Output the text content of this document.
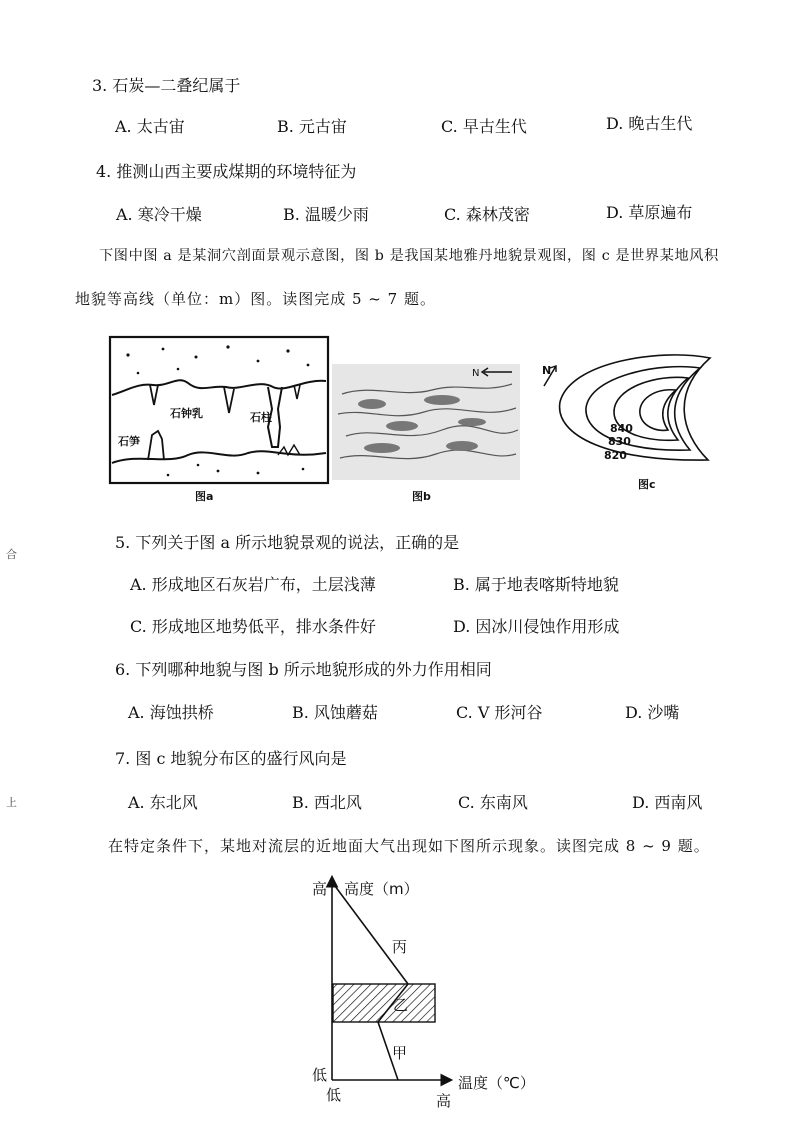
3. 石炭—二叠纪属于
A. 太古宙	B. 元古宙	C. 早古生代	D. 晚古生代
4. 推测山西主要成煤期的环境特征为
A. 寒冷干燥	B. 温暖少雨	C. 森林茂密	D. 草原遍布
下图中图 a 是某洞穴剖面景观示意图，图 b 是我国某地雅丹地貌景观图，图 c 是世界某地风积
地貌等高线（单位：m）图。读图完成 5 ~ 7 题。
石钟乳	石柱
石笋
图a
N
图b
N
840
830
820
图c
5. 下列关于图 a 所示地貌景观的说法，正确的是
A. 形成地区石灰岩广布，土层浅薄	B. 属于地表喀斯特地貌
C. 形成地区地势低平，排水条件好	D. 因冰川侵蚀作用形成
6. 下列哪种地貌与图 b 所示地貌形成的外力作用相同
A. 海蚀拱桥	B. 风蚀蘑菇	C. V 形河谷	D. 沙嘴
7. 图 c 地貌分布区的盛行风向是
A. 东北风	B. 西北风	C. 东南风	D. 西南风
在特定条件下，某地对流层的近地面大气出现如下图所示现象。读图完成 8 ~ 9 题。
高 高度（m）
丙
乙
甲
低
低	高
温度（℃）
合
上
